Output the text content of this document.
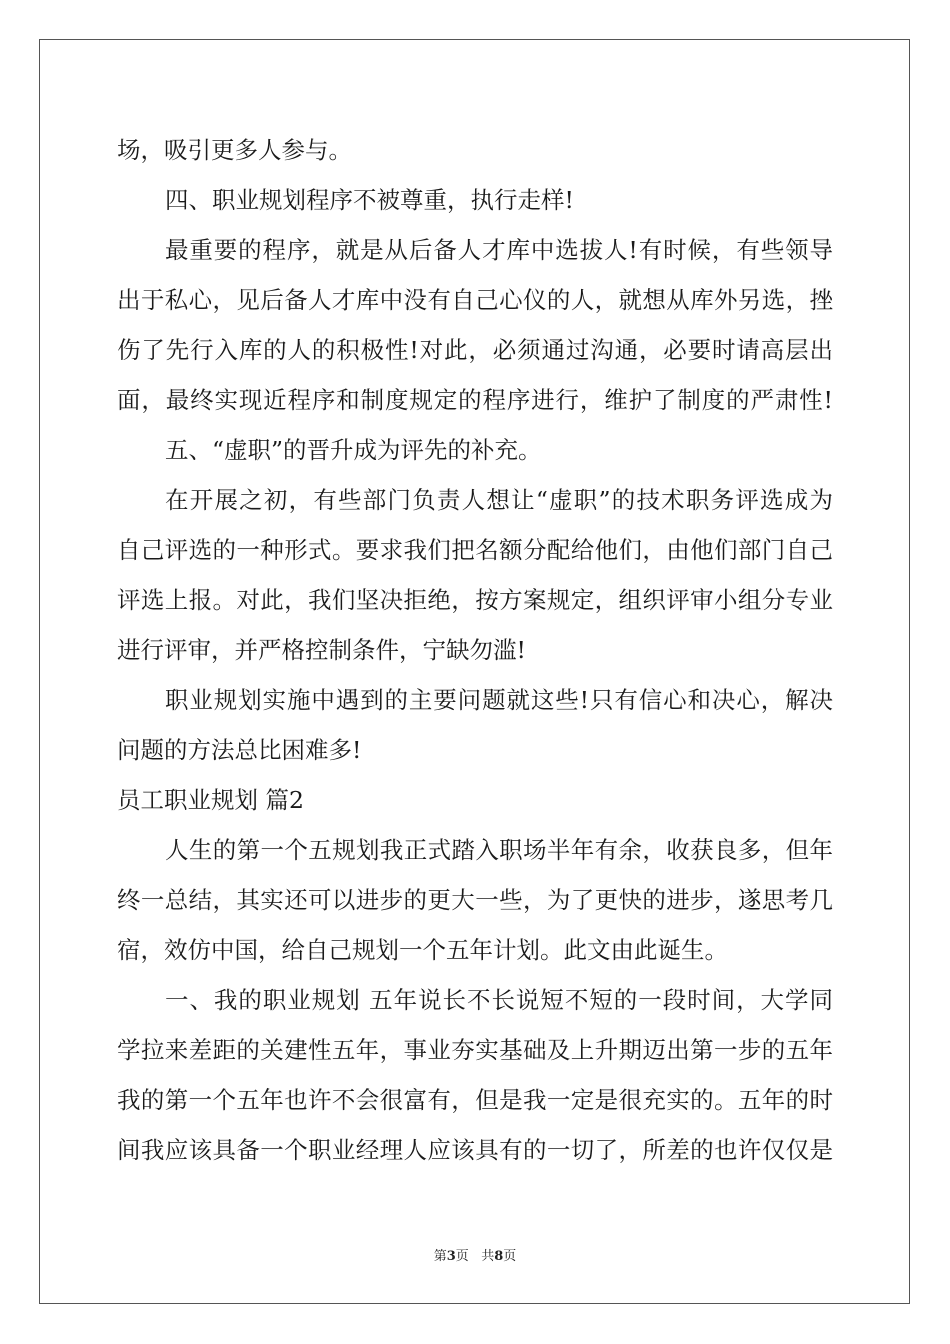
场，吸引更多人参与。
四、职业规划程序不被尊重，执行走样!
最重要的程序，就是从后备人才库中选拔人!有时候，有些领导
出于私心，见后备人才库中没有自己心仪的人，就想从库外另选，挫
伤了先行入库的人的积极性!对此，必须通过沟通，必要时请高层出
面，最终实现近程序和制度规定的程序进行，维护了制度的严肃性!
五、“虚职”的晋升成为评先的补充。
在开展之初，有些部门负责人想让“虚职”的技术职务评选成为
自己评选的一种形式。要求我们把名额分配给他们，由他们部门自己
评选上报。对此，我们坚决拒绝，按方案规定，组织评审小组分专业
进行评审，并严格控制条件，宁缺勿滥!
职业规划实施中遇到的主要问题就这些!只有信心和决心，解决
问题的方法总比困难多!
员工职业规划 篇2
人生的第一个五规划我正式踏入职场半年有余，收获良多，但年
终一总结，其实还可以进步的更大一些，为了更快的进步，遂思考几
宿，效仿中国，给自己规划一个五年计划。此文由此诞生。
一、我的职业规划 五年说长不长说短不短的一段时间，大学同
学拉来差距的关建性五年，事业夯实基础及上升期迈出第一步的五年
我的第一个五年也许不会很富有，但是我一定是很充实的。五年的时
间我应该具备一个职业经理人应该具有的一切了，所差的也许仅仅是
第3页 共8页
